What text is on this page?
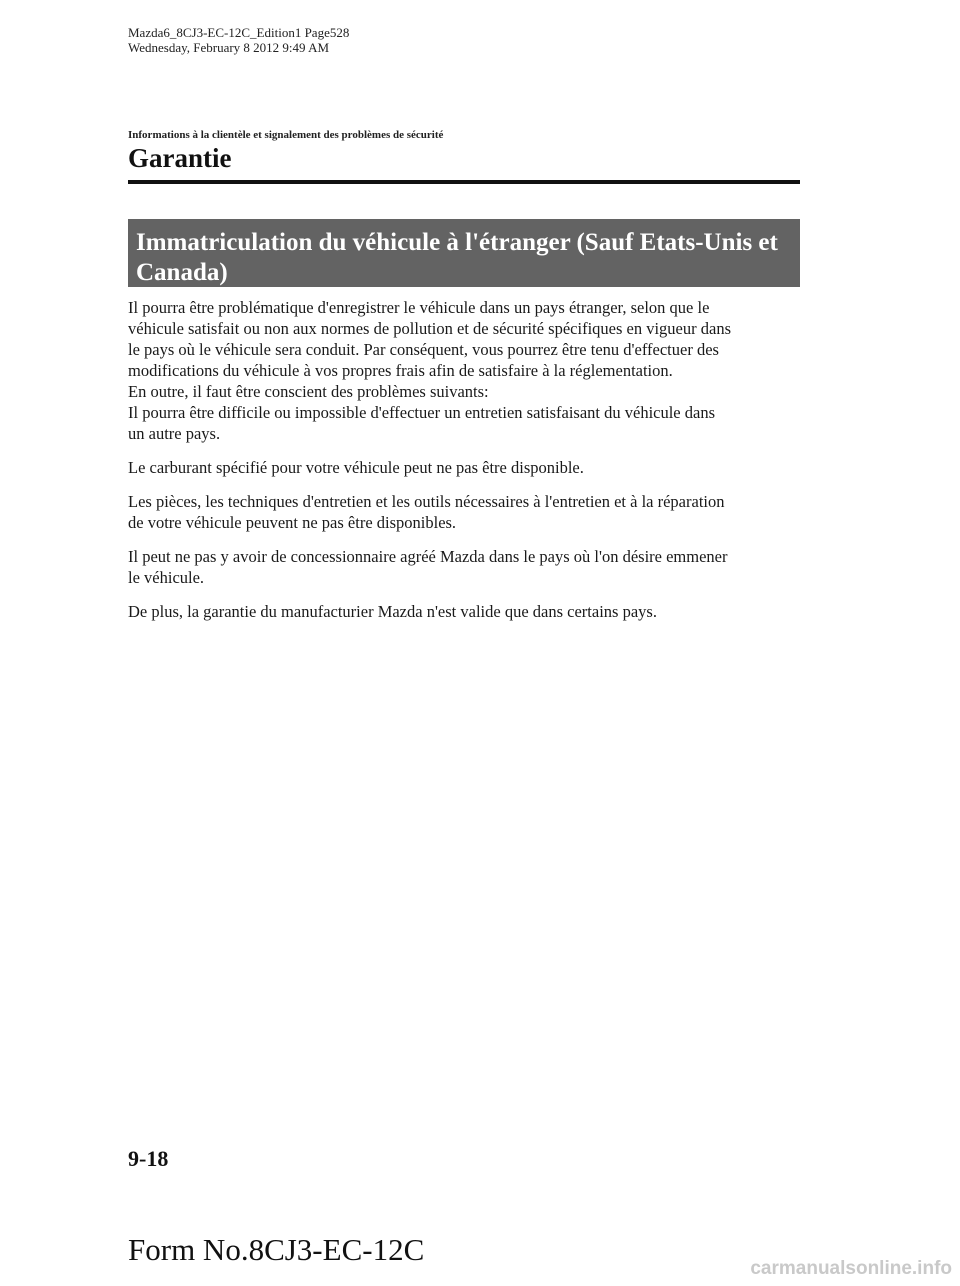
Mazda6_8CJ3-EC-12C_Edition1 Page528
Wednesday, February 8 2012 9:49 AM
Informations à la clientèle et signalement des problèmes de sécurité
Garantie
Immatriculation du véhicule à l'étranger (Sauf Etats-Unis et
Canada)

Il pourra être problématique d'enregistrer le véhicule dans un pays étranger, selon que le

véhicule satisfait ou non aux normes de pollution et de sécurité spécifiques en vigueur dans

le pays où le véhicule sera conduit. Par conséquent, vous pourrez être tenu d'effectuer des

modifications du véhicule à vos propres frais afin de satisfaire à la réglementation.

En outre, il faut être conscient des problèmes suivants:

Il pourra être difficile ou impossible d'effectuer un entretien satisfaisant du véhicule dans

un autre pays.

Le carburant spécifié pour votre véhicule peut ne pas être disponible.

Les pièces, les techniques d'entretien et les outils nécessaires à l'entretien et à la réparation

de votre véhicule peuvent ne pas être disponibles.

Il peut ne pas y avoir de concessionnaire agréé Mazda dans le pays où l'on désire emmener

le véhicule.

De plus, la garantie du manufacturier Mazda n'est valide que dans certains pays.

9-18
Form No.8CJ3-EC-12C
carmanualsonline.info
